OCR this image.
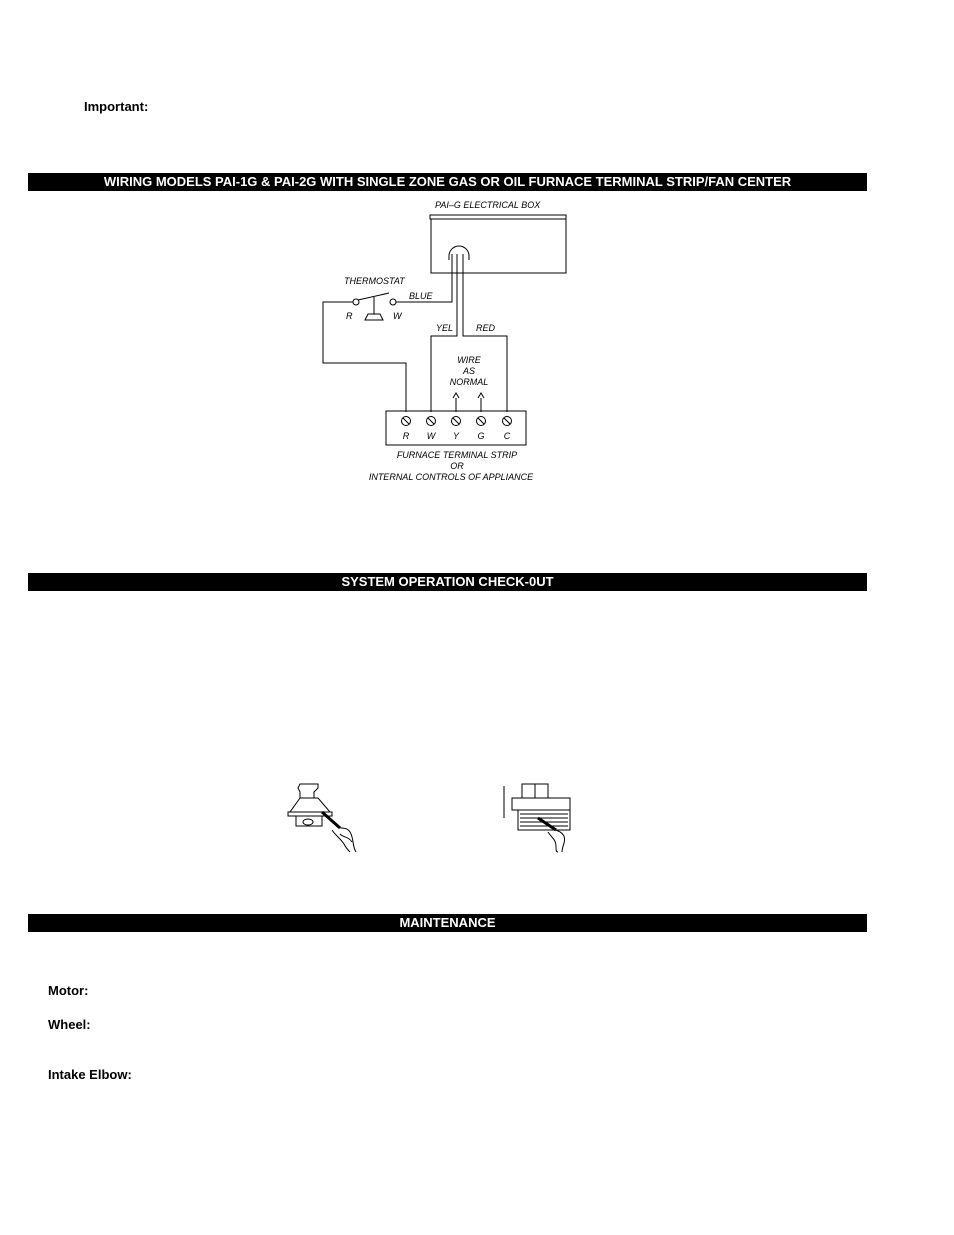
Important:
WIRING MODELS PAI-1G & PAI-2G WITH SINGLE ZONE GAS OR OIL FURNACE TERMINAL STRIP/FAN CENTER
PAI–G ELECTRICAL BOX
THERMOSTAT
R	W
BLUE
YEL	RED
WIRE
AS
NORMAL
R W Y G C
FURNACE TERMINAL STRIP
OR
INTERNAL CONTROLS OF APPLIANCE
SYSTEM OPERATION CHECK-0UT
MAINTENANCE
Motor:
Wheel:
Intake Elbow:
